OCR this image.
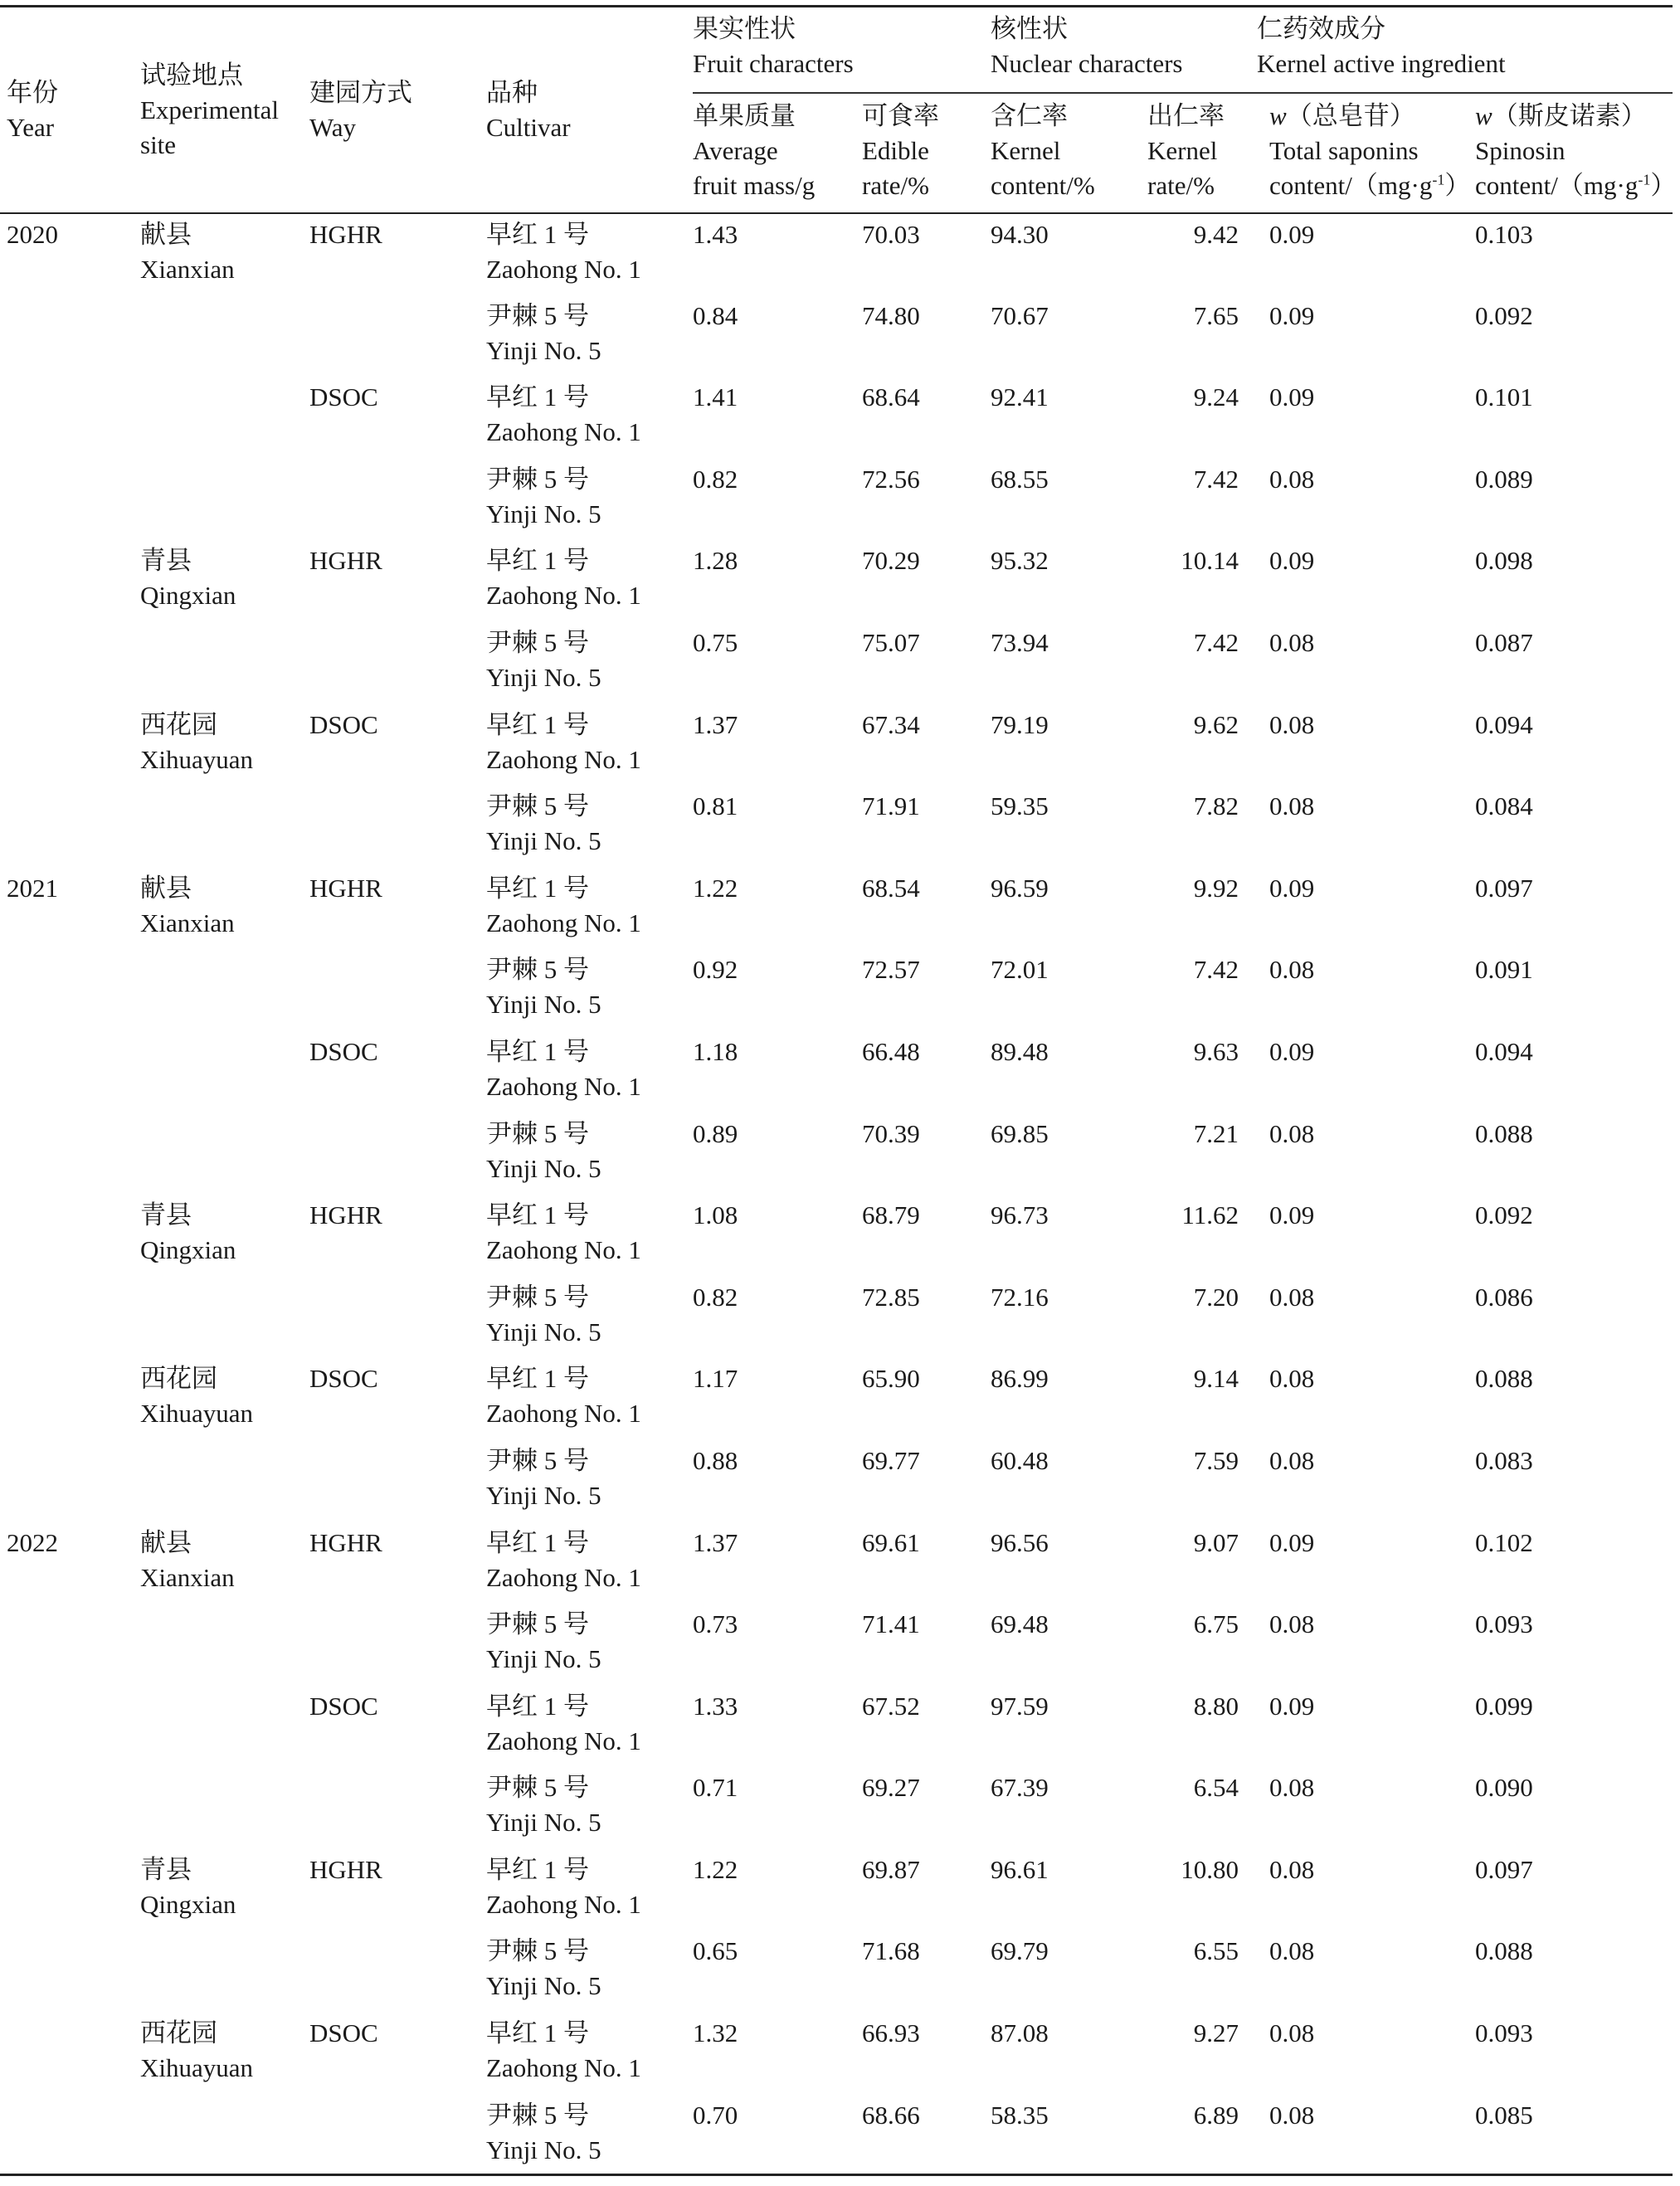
年份
Year	试验地点
Experimental
site	建园方式
Way	品种
Cultivar	果实性状
Fruit characters		核性状
Nuclear characters		仁药效成分
Kernel active ingredient	

				单果质量
Average
fruit mass/g	可食率
Edible
rate/%	含仁率
Kernel
content/%	出仁率
Kernel
rate/%	w（总皂苷）
Total saponins
content/$(mg\cdot g^{-1})$	w（斯皮诺素）
Spinosin
content/$(mg\cdot g^{-1})$

2020	献县
Xianxian	HGHR	早红 1 号
Zaohong No. 1	1.43	70.03	94.30	9.42	0.09	0.103

			尹棘 5 号
Yinji No. 5	0.84	74.80	70.67	7.65	0.09	0.092

	DSOC	早红 1 号
Zaohong No. 1	1.41	68.64	92.41	9.24	0.09	0.101

			尹棘 5 号
Yinji No. 5	0.82	72.56	68.55	7.42	0.08	0.089

	青县
Qingxian	HGHR	早红 1 号
Zaohong No. 1	1.28	70.29	95.32	10.14	0.09	0.098

			尹棘 5 号
Yinji No. 5	0.75	75.07	73.94	7.42	0.08	0.087

	西花园
Xihuayuan	DSOC	早红 1 号
Zaohong No. 1	1.37	67.34	79.19	9.62	0.08	0.094

			尹棘 5 号
Yinji No. 5	0.81	71.91	59.35	7.82	0.08	0.084
2021	献县
Xianxian	HGHR	早红 1 号
Zaohong No. 1	1.22	68.54	96.59	9.92	0.09	0.097

			尹棘 5 号
Yinji No. 5	0.92	72.57	72.01	7.42	0.08	0.091

	DSOC	早红 1 号
Zaohong No. 1	1.18	66.48	89.48	9.63	0.09	0.094

			尹棘 5 号
Yinji No. 5	0.89	70.39	69.85	7.21	0.08	0.088

	青县
Qingxian	HGHR	早红 1 号
Zaohong No. 1	1.08	68.79	96.73	11.62	0.09	0.092

			尹棘 5 号
Yinji No. 5	0.82	72.85	72.16	7.20	0.08	0.086

	西花园
Xihuayuan	DSOC	早红 1 号
Zaohong No. 1	1.17	65.90	86.99	9.14	0.08	0.088

			尹棘 5 号
Yinji No. 5	0.88	69.77	60.48	7.59	0.08	0.083
2022	献县
Xianxian	HGHR	早红 1 号
Zaohong No. 1	1.37	69.61	96.56	9.07	0.09	0.102

			尹棘 5 号
Yinji No. 5	0.73	71.41	69.48	6.75	0.08	0.093

	DSOC	早红 1 号
Zaohong No. 1	1.33	67.52	97.59	8.80	0.09	0.099

			尹棘 5 号
Yinji No. 5	0.71	69.27	67.39	6.54	0.08	0.090

	青县
Qingxian	HGHR	早红 1 号
Zaohong No. 1	1.22	69.87	96.61	10.80	0.08	0.097

			尹棘 5 号
Yinji No. 5	0.65	71.68	69.79	6.55	0.08	0.088

	西花园
Xihuayuan	DSOC	早红 1 号
Zaohong No. 1	1.32	66.93	87.08	9.27	0.08	0.093

			尹棘 5 号
Yinji No. 5	0.70	68.66	58.35	6.89	0.08	0.085
